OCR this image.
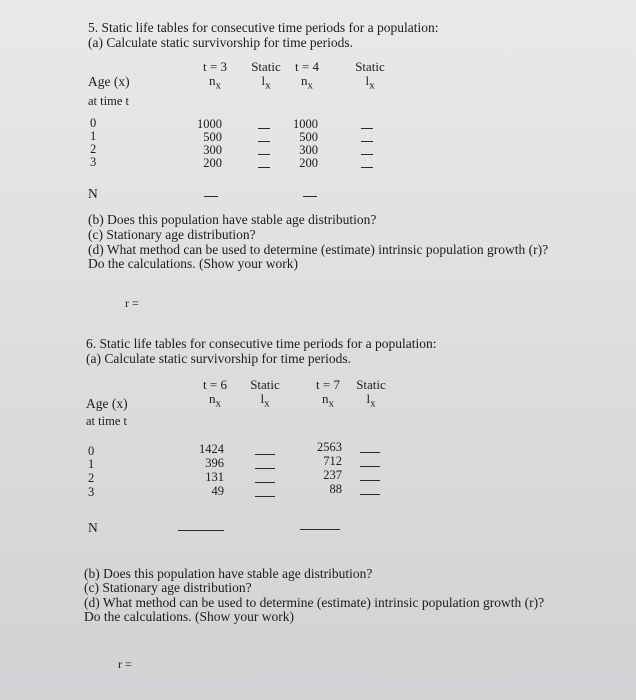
5. Static life tables for consecutive time periods for a population:
(a) Calculate static survivorship for time periods.
t = 3
$n_x$
Static
$l_x$
t = 4
$n_x$
Static
$l_x$
Age (x)
at time t
0
1
2
3
1000
500
300
200
1000
500
300
200
N
(b) Does this population have stable age distribution?
(c) Stationary age distribution?
(d) What method can be used to determine (estimate) intrinsic population growth (r)?
Do the calculations. (Show your work)
r =
6. Static life tables for consecutive time periods for a population:
(a) Calculate static survivorship for time periods.
t = 6
$n_x$
Static
$l_x$
t = 7
$n_x$
Static
$l_x$
Age (x)
at time t
0
1
2
3
1424
396
131
49
2563
712
237
88
N
(b) Does this population have stable age distribution?
(c) Stationary age distribution?
(d) What method can be used to determine (estimate) intrinsic population growth (r)?
Do the calculations. (Show your work)
r =
